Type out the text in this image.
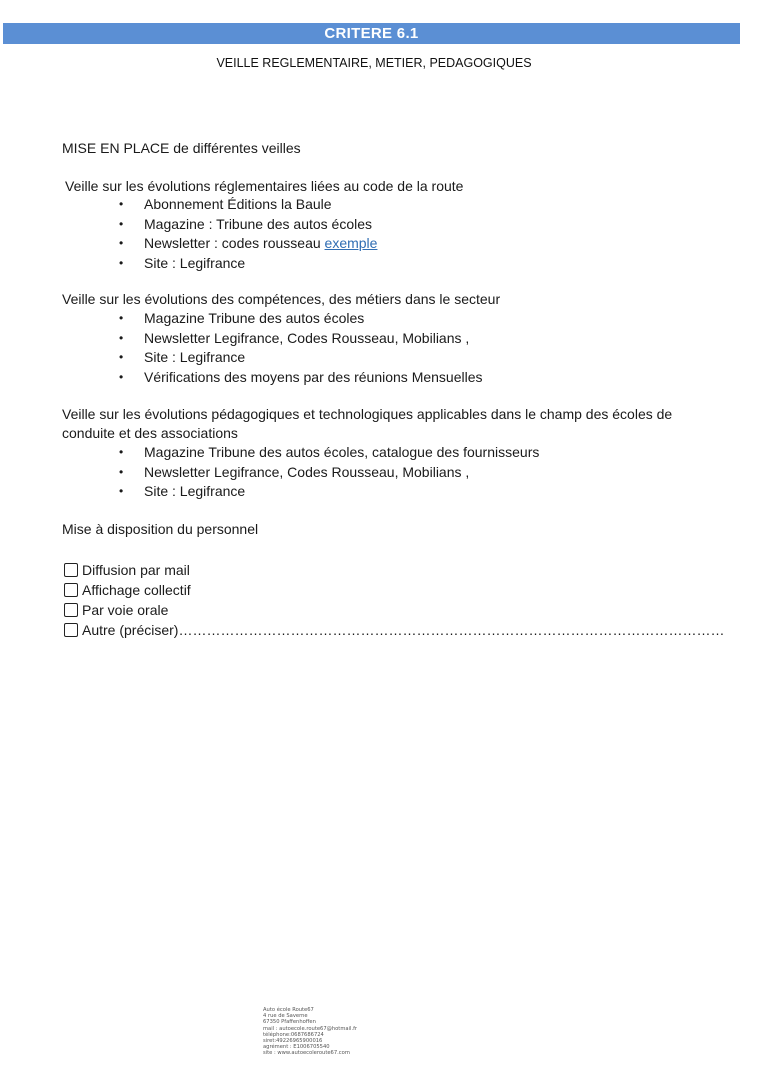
CRITERE 6.1
VEILLE REGLEMENTAIRE, METIER, PEDAGOGIQUES
MISE EN PLACE de différentes veilles
Veille sur les évolutions réglementaires liées au code de la route
• Abonnement Éditions la Baule
• Magazine : Tribune des autos écoles
• Newsletter : codes rousseau exemple
• Site : Legifrance
Veille sur les évolutions des compétences, des métiers dans le secteur
• Magazine Tribune des autos écoles
• Newsletter Legifrance, Codes Rousseau, Mobilians ,
• Site : Legifrance
• Vérifications des moyens par des réunions Mensuelles
Veille sur les évolutions pédagogiques et technologiques applicables dans le champ des écoles de
conduite et des associations
• Magazine Tribune des autos écoles, catalogue des fournisseurs
• Newsletter Legifrance, Codes Rousseau, Mobilians ,
• Site : Legifrance
Mise à disposition du personnel
Diffusion par mail
Affichage collectif
Par voie orale
Autre (préciser)………………………………………………………………………………………………………
Auto école Route67
4 rue de Saverne
67350 Pfaffenhoffen
mail : autoecole.route67@hotmail.fr
téléphone:0687686724
siret:49226965900016
agrément : E1006705540
site : www.autoecoleroute67.com
